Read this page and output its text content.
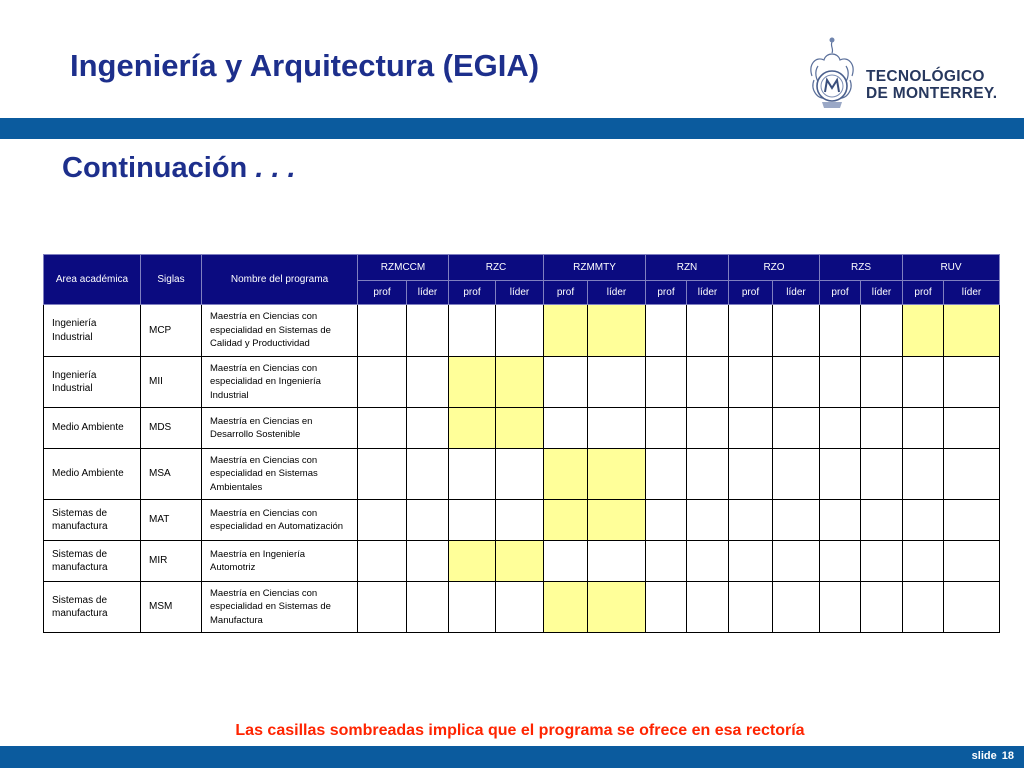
Ingeniería y Arquitectura (EGIA)	TECNOLÓGICO
DE MONTERREY.
Continuación . . .
Area académica	Siglas	Nombre del programa	RZMCCM		RZC		RZMMTY		RZN		RZO		RZS		RUV	
			prof	líder	prof	líder	prof	líder	prof	líder	prof	líder	prof	líder	prof	líder
Ingeniería Industrial	MCP	Maestría en Ciencias con especialidad en Sistemas de Calidad y Productividad														
Ingeniería Industrial	MII	Maestría en Ciencias con especialidad en Ingeniería Industrial														
Medio Ambiente	MDS	Maestría en Ciencias en Desarrollo Sostenible														
Medio Ambiente	MSA	Maestría en Ciencias con especialidad en Sistemas Ambientales														
Sistemas de manufactura	MAT	Maestría en Ciencias con especialidad en Automatización														
Sistemas de manufactura	MIR	Maestría en Ingeniería Automotriz														
Sistemas de manufactura	MSM	Maestría en Ciencias con especialidad en Sistemas de Manufactura														
Las casillas sombreadas implica que el programa se ofrece en esa rectoría
slide 18
